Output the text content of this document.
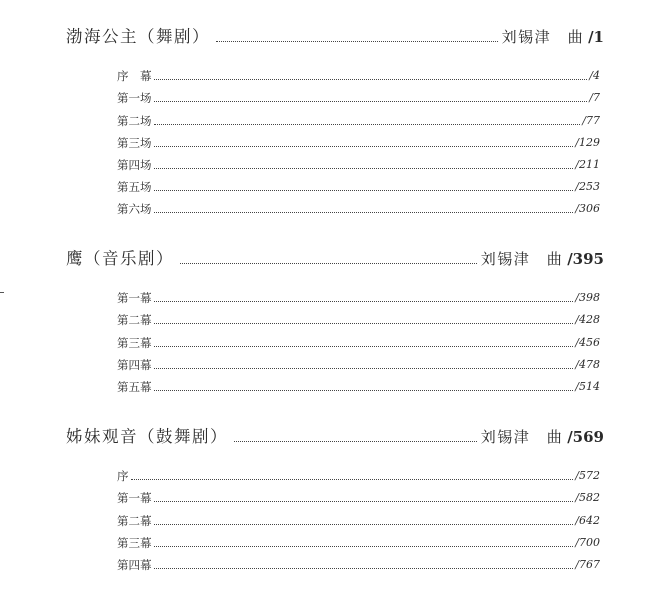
渤海公主（舞剧）	刘锡津　曲 /1
序　幕	/4
第一场	/7
第二场	/77
第三场	/129
第四场	/211
第五场	/253
第六场	/306
鹰（音乐剧）	刘锡津　曲 /395
第一幕	/398
第二幕	/428
第三幕	/456
第四幕	/478
第五幕	/514
姊妹观音（鼓舞剧）	刘锡津　曲 /569
序	/572
第一幕	/582
第二幕	/642
第三幕	/700
第四幕	/767
